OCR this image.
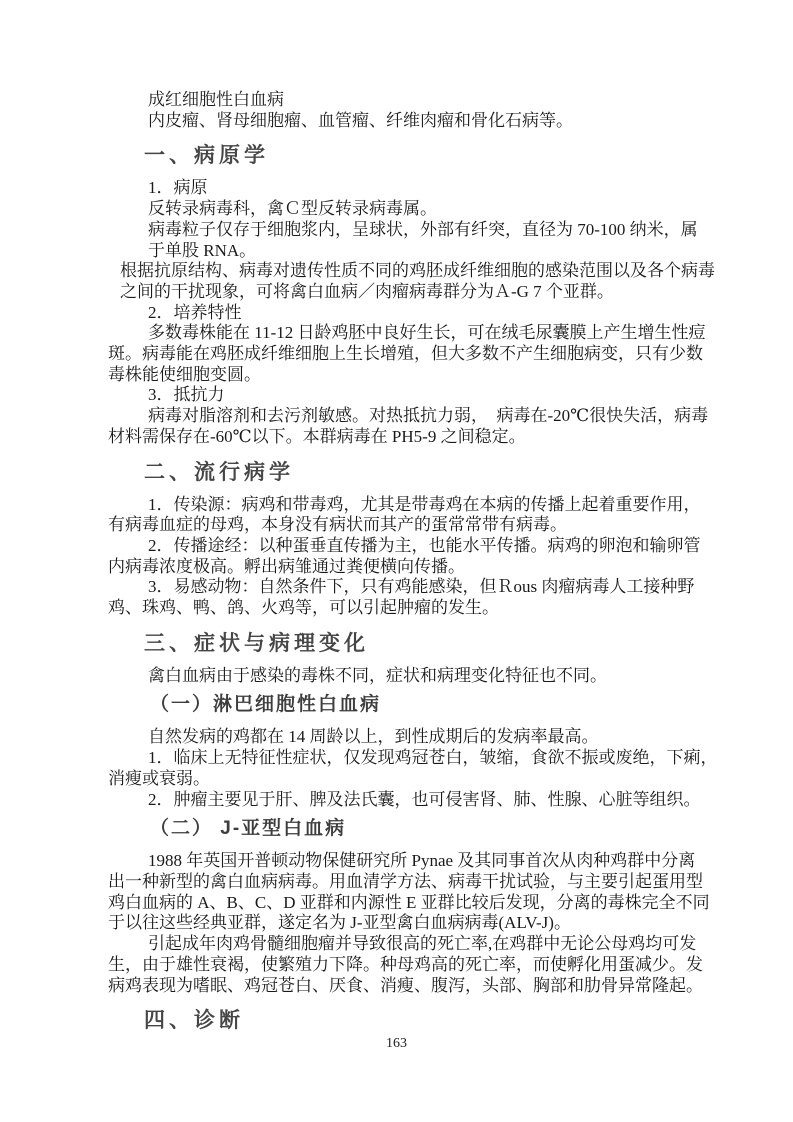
成红细胞性白血病
内皮瘤、肾母细胞瘤、血管瘤、纤维肉瘤和骨化石病等。
一、病原学
1．病原
反转录病毒科，禽Ｃ型反转录病毒属。
病毒粒子仅存于细胞浆内，呈球状，外部有纤突，直径为 70-100 纳米，属
于单股 RNA。
根据抗原结构、病毒对遗传性质不同的鸡胚成纤维细胞的感染范围以及各个病毒
之间的干扰现象，可将禽白血病／肉瘤病毒群分为Ａ-G 7 个亚群。
2．培养特性
多数毒株能在 11-12 日龄鸡胚中良好生长，可在绒毛尿囊膜上产生增生性痘
斑。病毒能在鸡胚成纤维细胞上生长增殖，但大多数不产生细胞病变，只有少数
毒株能使细胞变圆。
3．抵抗力
病毒对脂溶剂和去污剂敏感。对热抵抗力弱，　病毒在-20℃很快失活，病毒
材料需保存在-60℃以下。本群病毒在 PH5-9 之间稳定。
二、流行病学
1．传染源：病鸡和带毒鸡，尤其是带毒鸡在本病的传播上起着重要作用，
有病毒血症的母鸡，本身没有病状而其产的蛋常常带有病毒。
2．传播途经：以种蛋垂直传播为主，也能水平传播。病鸡的卵泡和输卵管
内病毒浓度极高。孵出病雏通过粪便横向传播。
3．易感动物：自然条件下，只有鸡能感染，但Ｒous 肉瘤病毒人工接种野
鸡、珠鸡、鸭、鸽、火鸡等，可以引起肿瘤的发生。
三、症状与病理变化
禽白血病由于感染的毒株不同，症状和病理变化特征也不同。
（一）淋巴细胞性白血病
自然发病的鸡都在 14 周龄以上，到性成期后的发病率最高。
1．临床上无特征性症状，仅发现鸡冠苍白，皱缩，食欲不振或废绝，下痢，
消瘦或衰弱。
2．肿瘤主要见于肝、脾及法氏囊，也可侵害肾、肺、性腺、心脏等组织。
（二） J-亚型白血病
1988 年英国开普顿动物保健研究所 Pynae 及其同事首次从肉种鸡群中分离
出一种新型的禽白血病病毒。用血清学方法、病毒干扰试验，与主要引起蛋用型
鸡白血病的 A、B、C、D 亚群和内源性 E 亚群比较后发现，分离的毒株完全不同
于以往这些经典亚群，遂定名为 J-亚型禽白血病病毒(ALV-J)。
引起成年肉鸡骨髓细胞瘤并导致很高的死亡率,在鸡群中无论公母鸡均可发
生，由于雄性衰褐，使繁殖力下降。种母鸡高的死亡率，而使孵化用蛋减少。发
病鸡表现为嗜眠、鸡冠苍白、厌食、消瘦、腹泻，头部、胸部和肋骨异常隆起。
四、诊断
163
